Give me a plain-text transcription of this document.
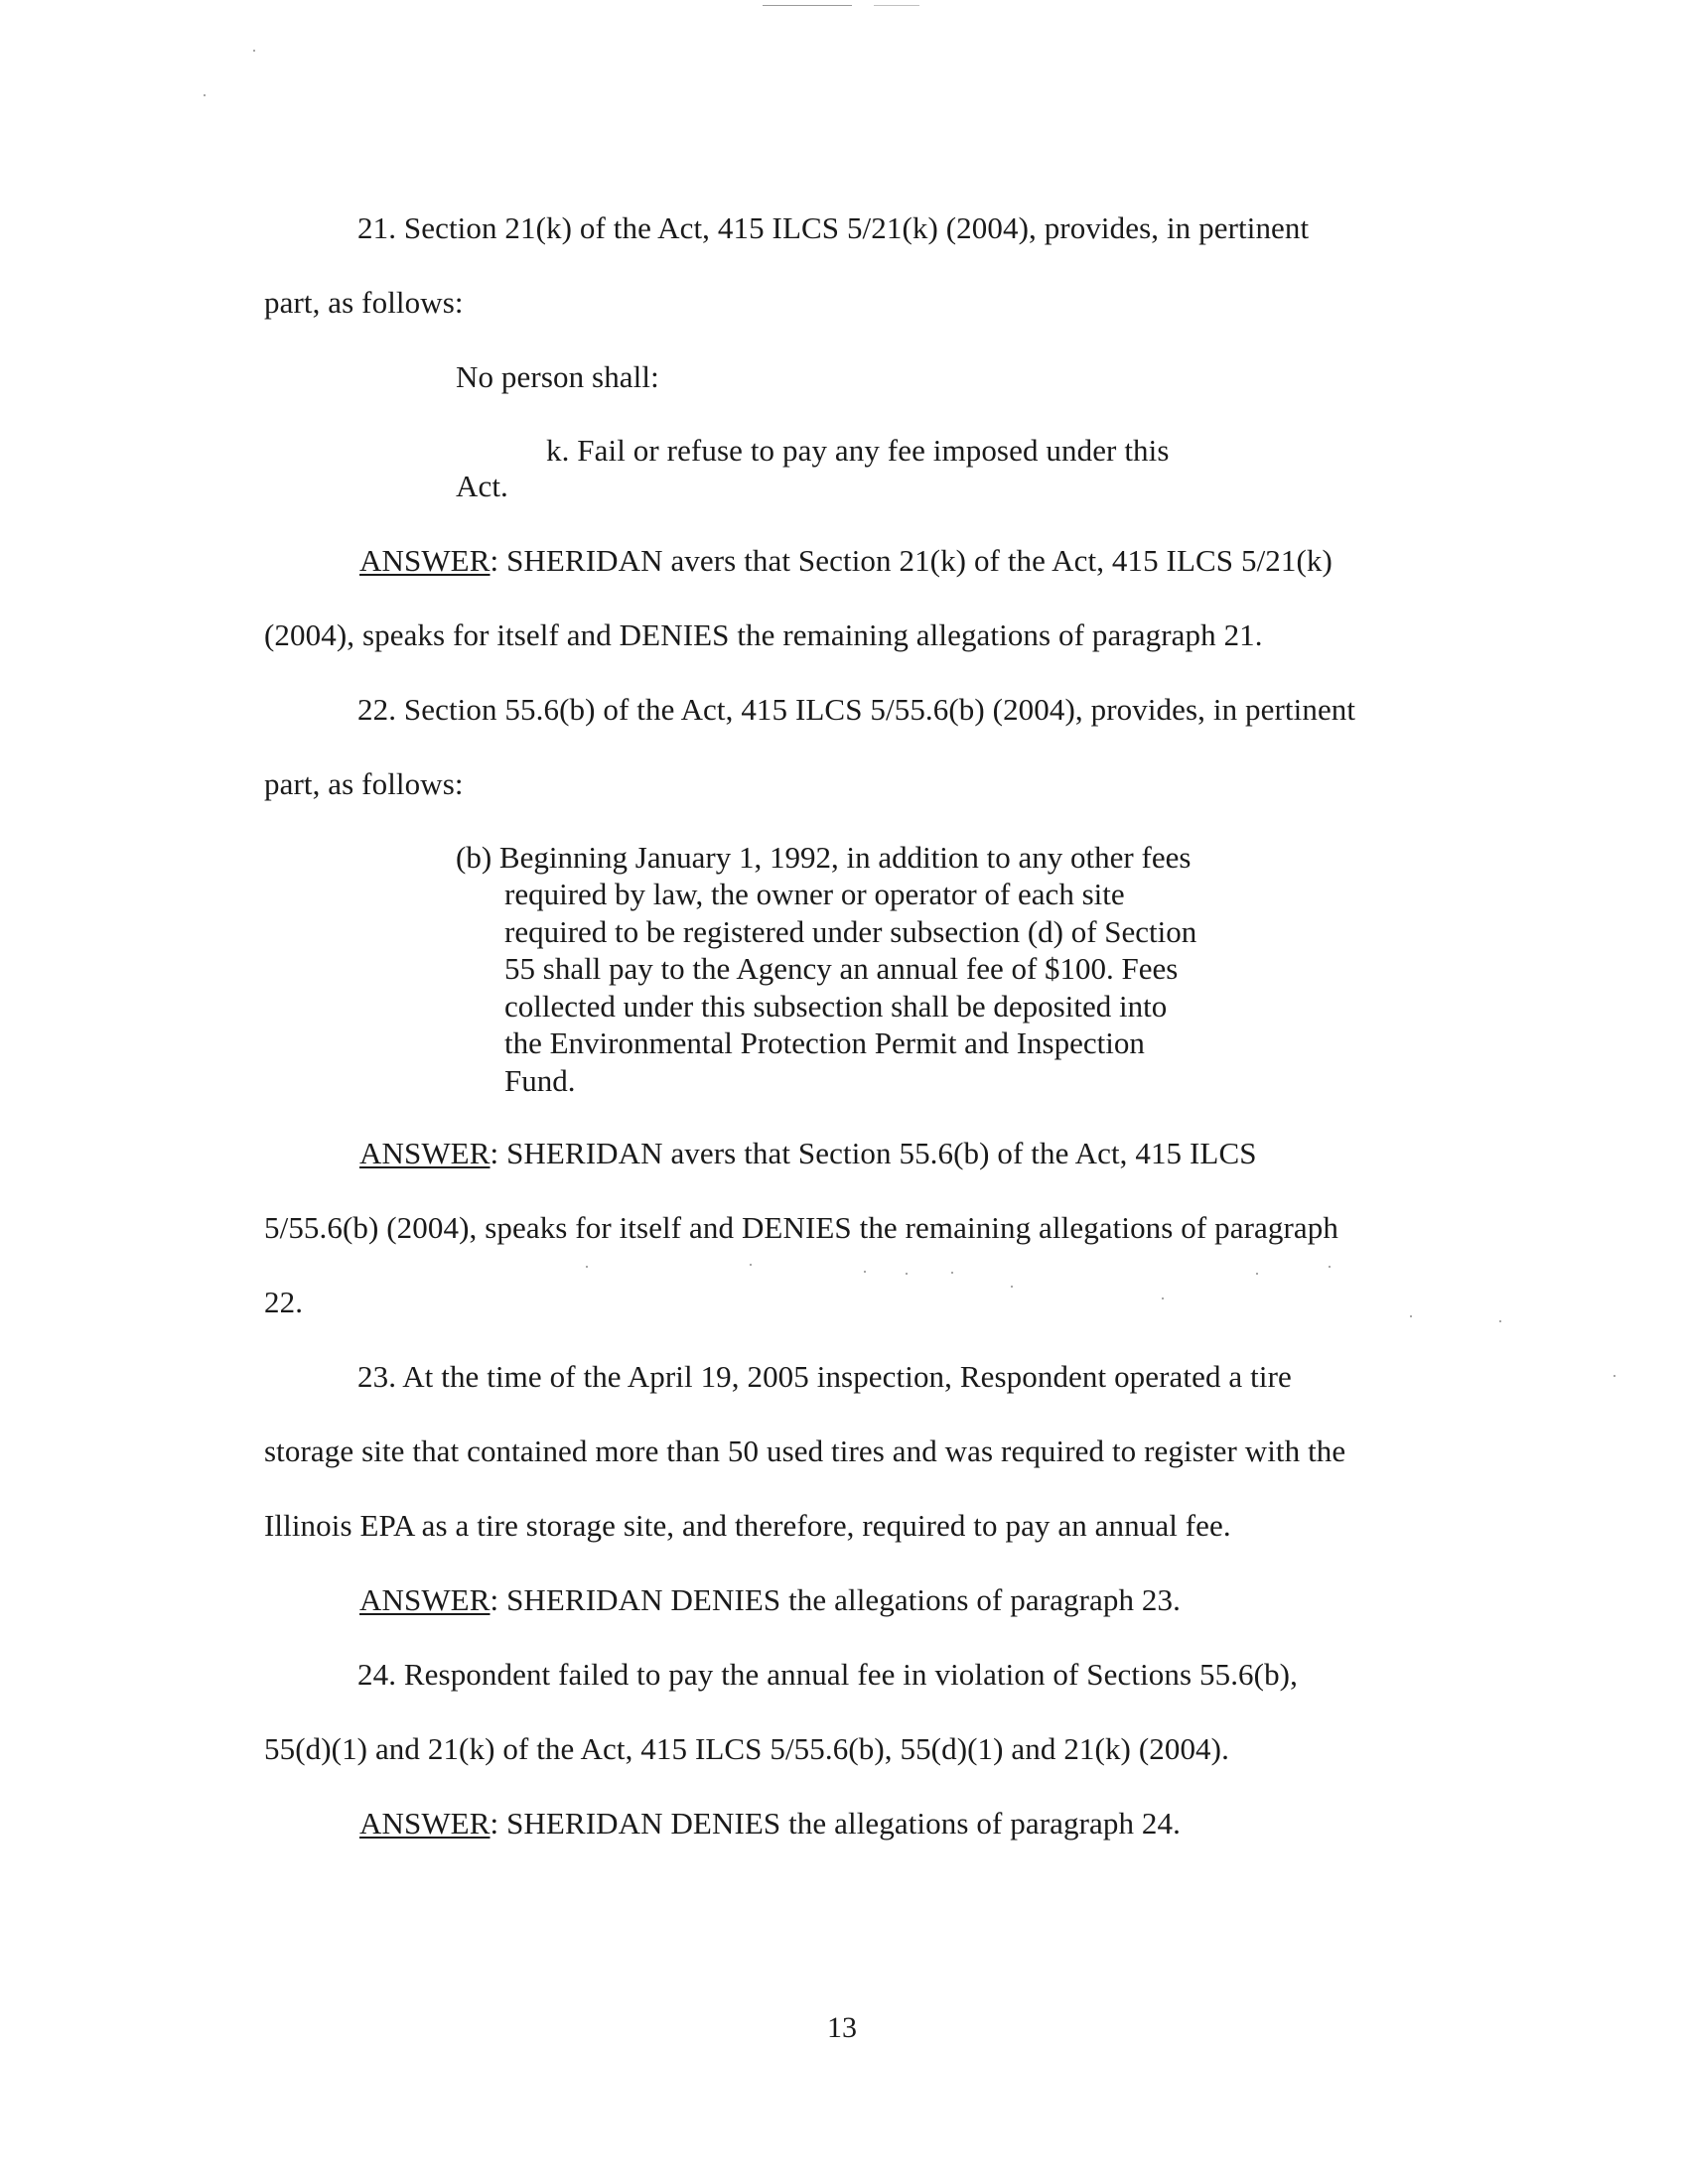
21. Section 21(k) of the Act, 415 ILCS 5/21(k) (2004), provides, in pertinent
part, as follows:
No person shall:
k. Fail or refuse to pay any fee imposed under this
Act.
ANSWER: SHERIDAN avers that Section 21(k) of the Act, 415 ILCS 5/21(k)
(2004), speaks for itself and DENIES the remaining allegations of paragraph 21.
22. Section 55.6(b) of the Act, 415 ILCS 5/55.6(b) (2004), provides, in pertinent
part, as follows:
(b) Beginning January 1, 1992, in addition to any other fees
required by law, the owner or operator of each site
required to be registered under subsection (d) of Section
55 shall pay to the Agency an annual fee of $100. Fees
collected under this subsection shall be deposited into
the Environmental Protection Permit and Inspection
Fund.
ANSWER: SHERIDAN avers that Section 55.6(b) of the Act, 415 ILCS
5/55.6(b) (2004), speaks for itself and DENIES the remaining allegations of paragraph
22.
23. At the time of the April 19, 2005 inspection, Respondent operated a tire
storage site that contained more than 50 used tires and was required to register with the
Illinois EPA as a tire storage site, and therefore, required to pay an annual fee.
ANSWER: SHERIDAN DENIES the allegations of paragraph 23.
24. Respondent failed to pay the annual fee in violation of Sections 55.6(b),
55(d)(1) and 21(k) of the Act, 415 ILCS 5/55.6(b), 55(d)(1) and 21(k) (2004).
ANSWER: SHERIDAN DENIES the allegations of paragraph 24.
13
